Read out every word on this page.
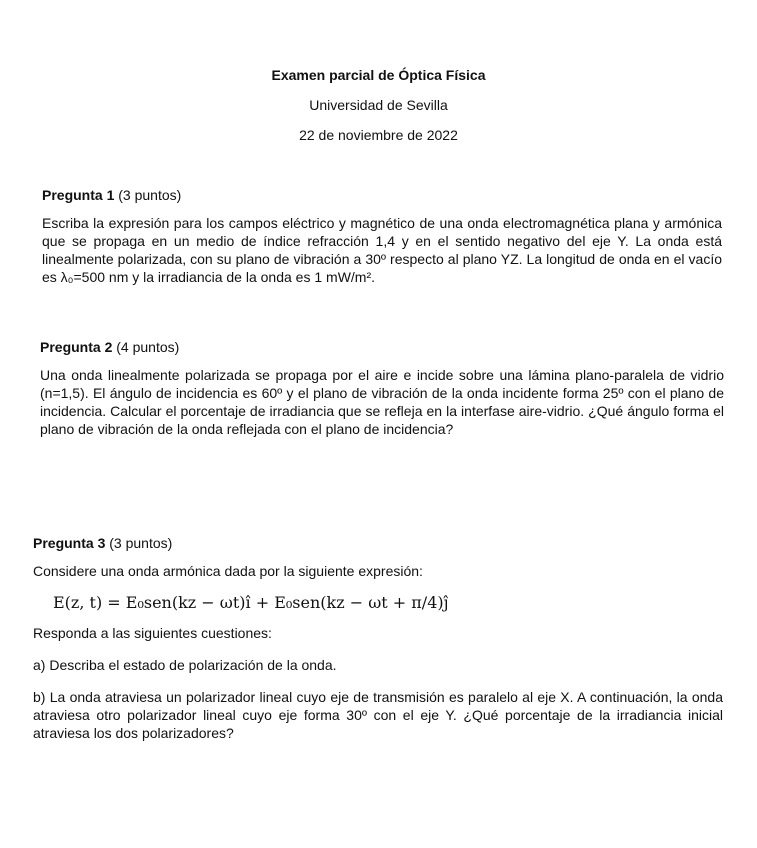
Examen parcial de Óptica Física
Universidad de Sevilla
22 de noviembre de 2022
Pregunta 1 (3 puntos)

Escriba la expresión para los campos eléctrico y magnético de una onda electromagnética plana y armónica que se propaga en un medio de índice refracción 1,4 y en el sentido negativo del eje Y. La onda está linealmente polarizada, con su plano de vibración a 30º respecto al plano YZ. La longitud de onda en el vacío es λ₀=500 nm y la irradiancia de la onda es 1 mW/m².

Pregunta 2 (4 puntos)

Una onda linealmente polarizada se propaga por el aire e incide sobre una lámina plano-paralela de vidrio (n=1,5). El ángulo de incidencia es 60º y el plano de vibración de la onda incidente forma 25º con el plano de incidencia. Calcular el porcentaje de irradiancia que se refleja en la interfase aire-vidrio. ¿Qué ángulo forma el plano de vibración de la onda reflejada con el plano de incidencia?

Pregunta 3 (3 puntos)

Considere una onda armónica dada por la siguiente expresión:

E(z, t) = E₀sen(kz − ωt)î + E₀sen(kz − ωt + π/4)ĵ

Responda a las siguientes cuestiones:

a) Describa el estado de polarización de la onda.

b) La onda atraviesa un polarizador lineal cuyo eje de transmisión es paralelo al eje X. A continuación, la onda atraviesa otro polarizador lineal cuyo eje forma 30º con el eje Y. ¿Qué porcentaje de la irradiancia inicial atraviesa los dos polarizadores?
